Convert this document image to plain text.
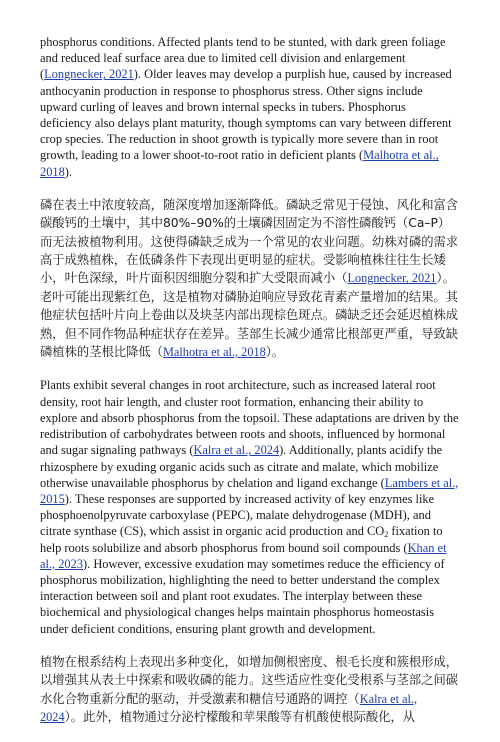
phosphorus conditions. Affected plants tend to be stunted, with dark green foliage and reduced leaf surface area due to limited cell division and enlargement (Longnecker, 2021). Older leaves may develop a purplish hue, caused by increased anthocyanin production in response to phosphorus stress. Other signs include upward curling of leaves and brown internal specks in tubers. Phosphorus deficiency also delays plant maturity, though symptoms can vary between different crop species. The reduction in shoot growth is typically more severe than in root growth, leading to a lower shoot-to-root ratio in deficient plants (Malhotra et al., 2018).

磷在表土中浓度较高，随深度增加逐渐降低。磷缺乏常见于侵蚀、风化和富含碳酸钙的土壤中，其中80%–90%的土壤磷因固定为不溶性磷酸钙（Ca–P）而无法被植物利用。这使得磷缺乏成为一个常见的农业问题。幼株对磷的需求高于成熟植株，在低磷条件下表现出更明显的症状。受影响植株往往生长矮小，叶色深绿，叶片面积因细胞分裂和扩大受限而减小（Longnecker, 2021）。老叶可能出现紫红色，这是植物对磷胁迫响应导致花青素产量增加的结果。其他症状包括叶片向上卷曲以及块茎内部出现棕色斑点。磷缺乏还会延迟植株成熟，但不同作物品种症状存在差异。茎部生长减少通常比根部更严重，导致缺磷植株的茎根比降低（Malhotra et al., 2018）。

Plants exhibit several changes in root architecture, such as increased lateral root density, root hair length, and cluster root formation, enhancing their ability to explore and absorb phosphorus from the topsoil. These adaptations are driven by the redistribution of carbohydrates between roots and shoots, influenced by hormonal and sugar signaling pathways (Kalra et al., 2024). Additionally, plants acidify the rhizosphere by exuding organic acids such as citrate and malate, which mobilize otherwise unavailable phosphorus by chelation and ligand exchange (Lambers et al., 2015). These responses are supported by increased activity of key enzymes like phosphoenolpyruvate carboxylase (PEPC), malate dehydrogenase (MDH), and citrate synthase (CS), which assist in organic acid production and $CO_2$ fixation to help roots solubilize and absorb phosphorus from bound soil compounds (Khan et al., 2023). However, excessive exudation may sometimes reduce the efficiency of phosphorus mobilization, highlighting the need to better understand the complex interaction between soil and plant root exudates. The interplay between these biochemical and physiological changes helps maintain phosphorus homeostasis under deficient conditions, ensuring plant growth and development.

植物在根系结构上表现出多种变化，如增加侧根密度、根毛长度和簇根形成，以增强其从表土中探索和吸收磷的能力。这些适应性变化受根系与茎部之间碳水化合物重新分配的驱动，并受激素和糖信号通路的调控（Kalra et al., 2024）。此外，植物通过分泌柠檬酸和苹果酸等有机酸使根际酸化，从
